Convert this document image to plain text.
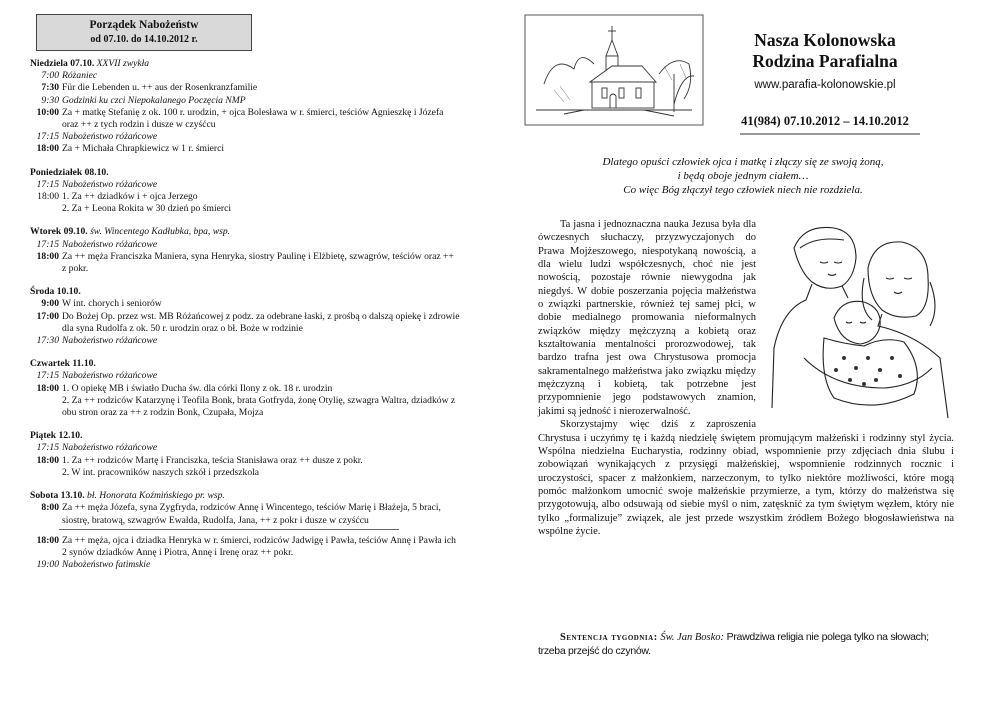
Porządek Nabożeństw
od 07.10. do 14.10.2012 r.
Niedziela 07.10. XXVII zwykła
7:00 Różaniec
7:30 Für die Lebenden u. ++ aus der Rosenkranzfamilie
9:30 Godzinki ku czci Niepokalanego Poczęcia NMP
10:00 Za + matkę Stefanię z ok. 100 r. urodzin, + ojca Bolesława w r. śmierci, teściów Agnieszkę i Józefa oraz ++ z tych rodzin i dusze w czyśćcu
17:15 Nabożeństwo różańcowe
18:00 Za + Michała Chrapkiewicz w 1 r. śmierci
Poniedziałek 08.10.
17:15 Nabożeństwo różańcowe
18:00 1. Za ++ dziadków i + ojca Jerzego
2. Za + Leona Rokita w 30 dzień po śmierci
Wtorek 09.10. św. Wincentego Kadłubka, bpa, wsp.
17:15 Nabożeństwo różańcowe
18:00 Za ++ męża Franciszka Maniera, syna Henryka, siostry Paulinę i Elżbietę, szwagrów, teściów oraz ++ z pokr.
Środa 10.10.
9:00 W int. chorych i seniorów
17:00 Do Bożej Op. przez wst. MB Różańcowej z podz. za odebrane łaski, z prośbą o dalszą opiekę i zdrowie dla syna Rudolfa z ok. 50 r. urodzin oraz o bł. Boże w rodzinie
17:30 Nabożeństwo różańcowe
Czwartek 11.10.
17:15 Nabożeństwo różańcowe
18:00 1. O opiekę MB i światło Ducha św. dla córki Ilony z ok. 18 r. urodzin
2. Za ++ rodziców Katarzynę i Teofila Bonk, brata Gotfryda, żonę Otylię, szwagra Waltra, dziadków z obu stron oraz za ++ z rodzin Bonk, Czupała, Mojza
Piątek 12.10.
17:15 Nabożeństwo różańcowe
18:00 1. Za ++ rodziców Martę i Franciszka, teścia Stanisława oraz ++ dusze z pokr.
2. W int. pracowników naszych szkół i przedszkola
Sobota 13.10. bł. Honorata Koźmińskiego pr. wsp.
8:00 Za ++ męża Józefa, syna Zygfryda, rodziców Annę i Wincentego, teściów Marię i Błażeja, 5 braci, siostrę, bratową, szwagrów Ewalda, Rudolfa, Jana, ++ z pokr i dusze w czyśćcu
18:00 Za ++ męża, ojca i dziadka Henryka w r. śmierci, rodziców Jadwigę i Pawła, teściów Annę i Pawła ich 2 synów dziadków Annę i Piotra, Annę i Irenę oraz ++ pokr.
19:00 Nabożeństwo fatimskie
Nasza Kolonowska
Rodzina Parafialna
www.parafia-kolonowskie.pl
41(984) 07.10.2012 – 14.10.2012
Dlatego opuści człowiek ojca i matkę i złączy się ze swoją żoną,
i będą oboje jednym ciałem…
Co więc Bóg złączył tego człowiek niech nie rozdziela.

Ta jasna i jednoznaczna nauka Jezusa była dla ówczesnych słuchaczy, przyzwyczajonych do Prawa Mojżeszowego, niespotykaną nowością, a dla wielu ludzi współczesnych, choć nie jest nowością, pozostaje równie niewygodna jak niegdyś. W dobie poszerzania pojęcia małżeństwa o związki partnerskie, również tej samej płci, w dobie medialnego promowania nieformalnych związków między mężczyzną a kobietą oraz kształtowania mentalności prorozwodowej, tak bardzo trafna jest owa Chrystusowa promocja sakramentalnego małżeństwa jako związku między mężczyzną i kobietą, tak potrzebne jest przypomnienie jego podstawowych znamion, jakimi są jedność i nierozerwalność.

Skorzystajmy więc dziś z zaproszenia Chrystusa i uczyńmy tę i każdą niedzielę świętem promującym małżeński i rodzinny styl życia. Wspólna niedzielna Eucharystia, rodzinny obiad, wspomnienie przy zdjęciach dnia ślubu i zobowiązań wynikających z przysięgi małżeńskiej, wspomnienie rodzinnych rocznic i uroczystości, spacer z małżonkiem, narzeczonym, to tylko niektóre możliwości, które mogą pomóc małżonkom umocnić swoje małżeńskie przymierze, a tym, którzy do małżeństwa się przygotowują, albo odsuwają od siebie myśl o nim, zatęsknić za tym świętym węzłem, który nie tylko „formalizuje” związek, ale jest przede wszystkim źródłem Bożego błogosławieństwa na wspólne życie.

Sentencja tygodnia: Św. Jan Bosko: Prawdziwa religia nie polega tylko na słowach; trzeba przejść do czynów.
